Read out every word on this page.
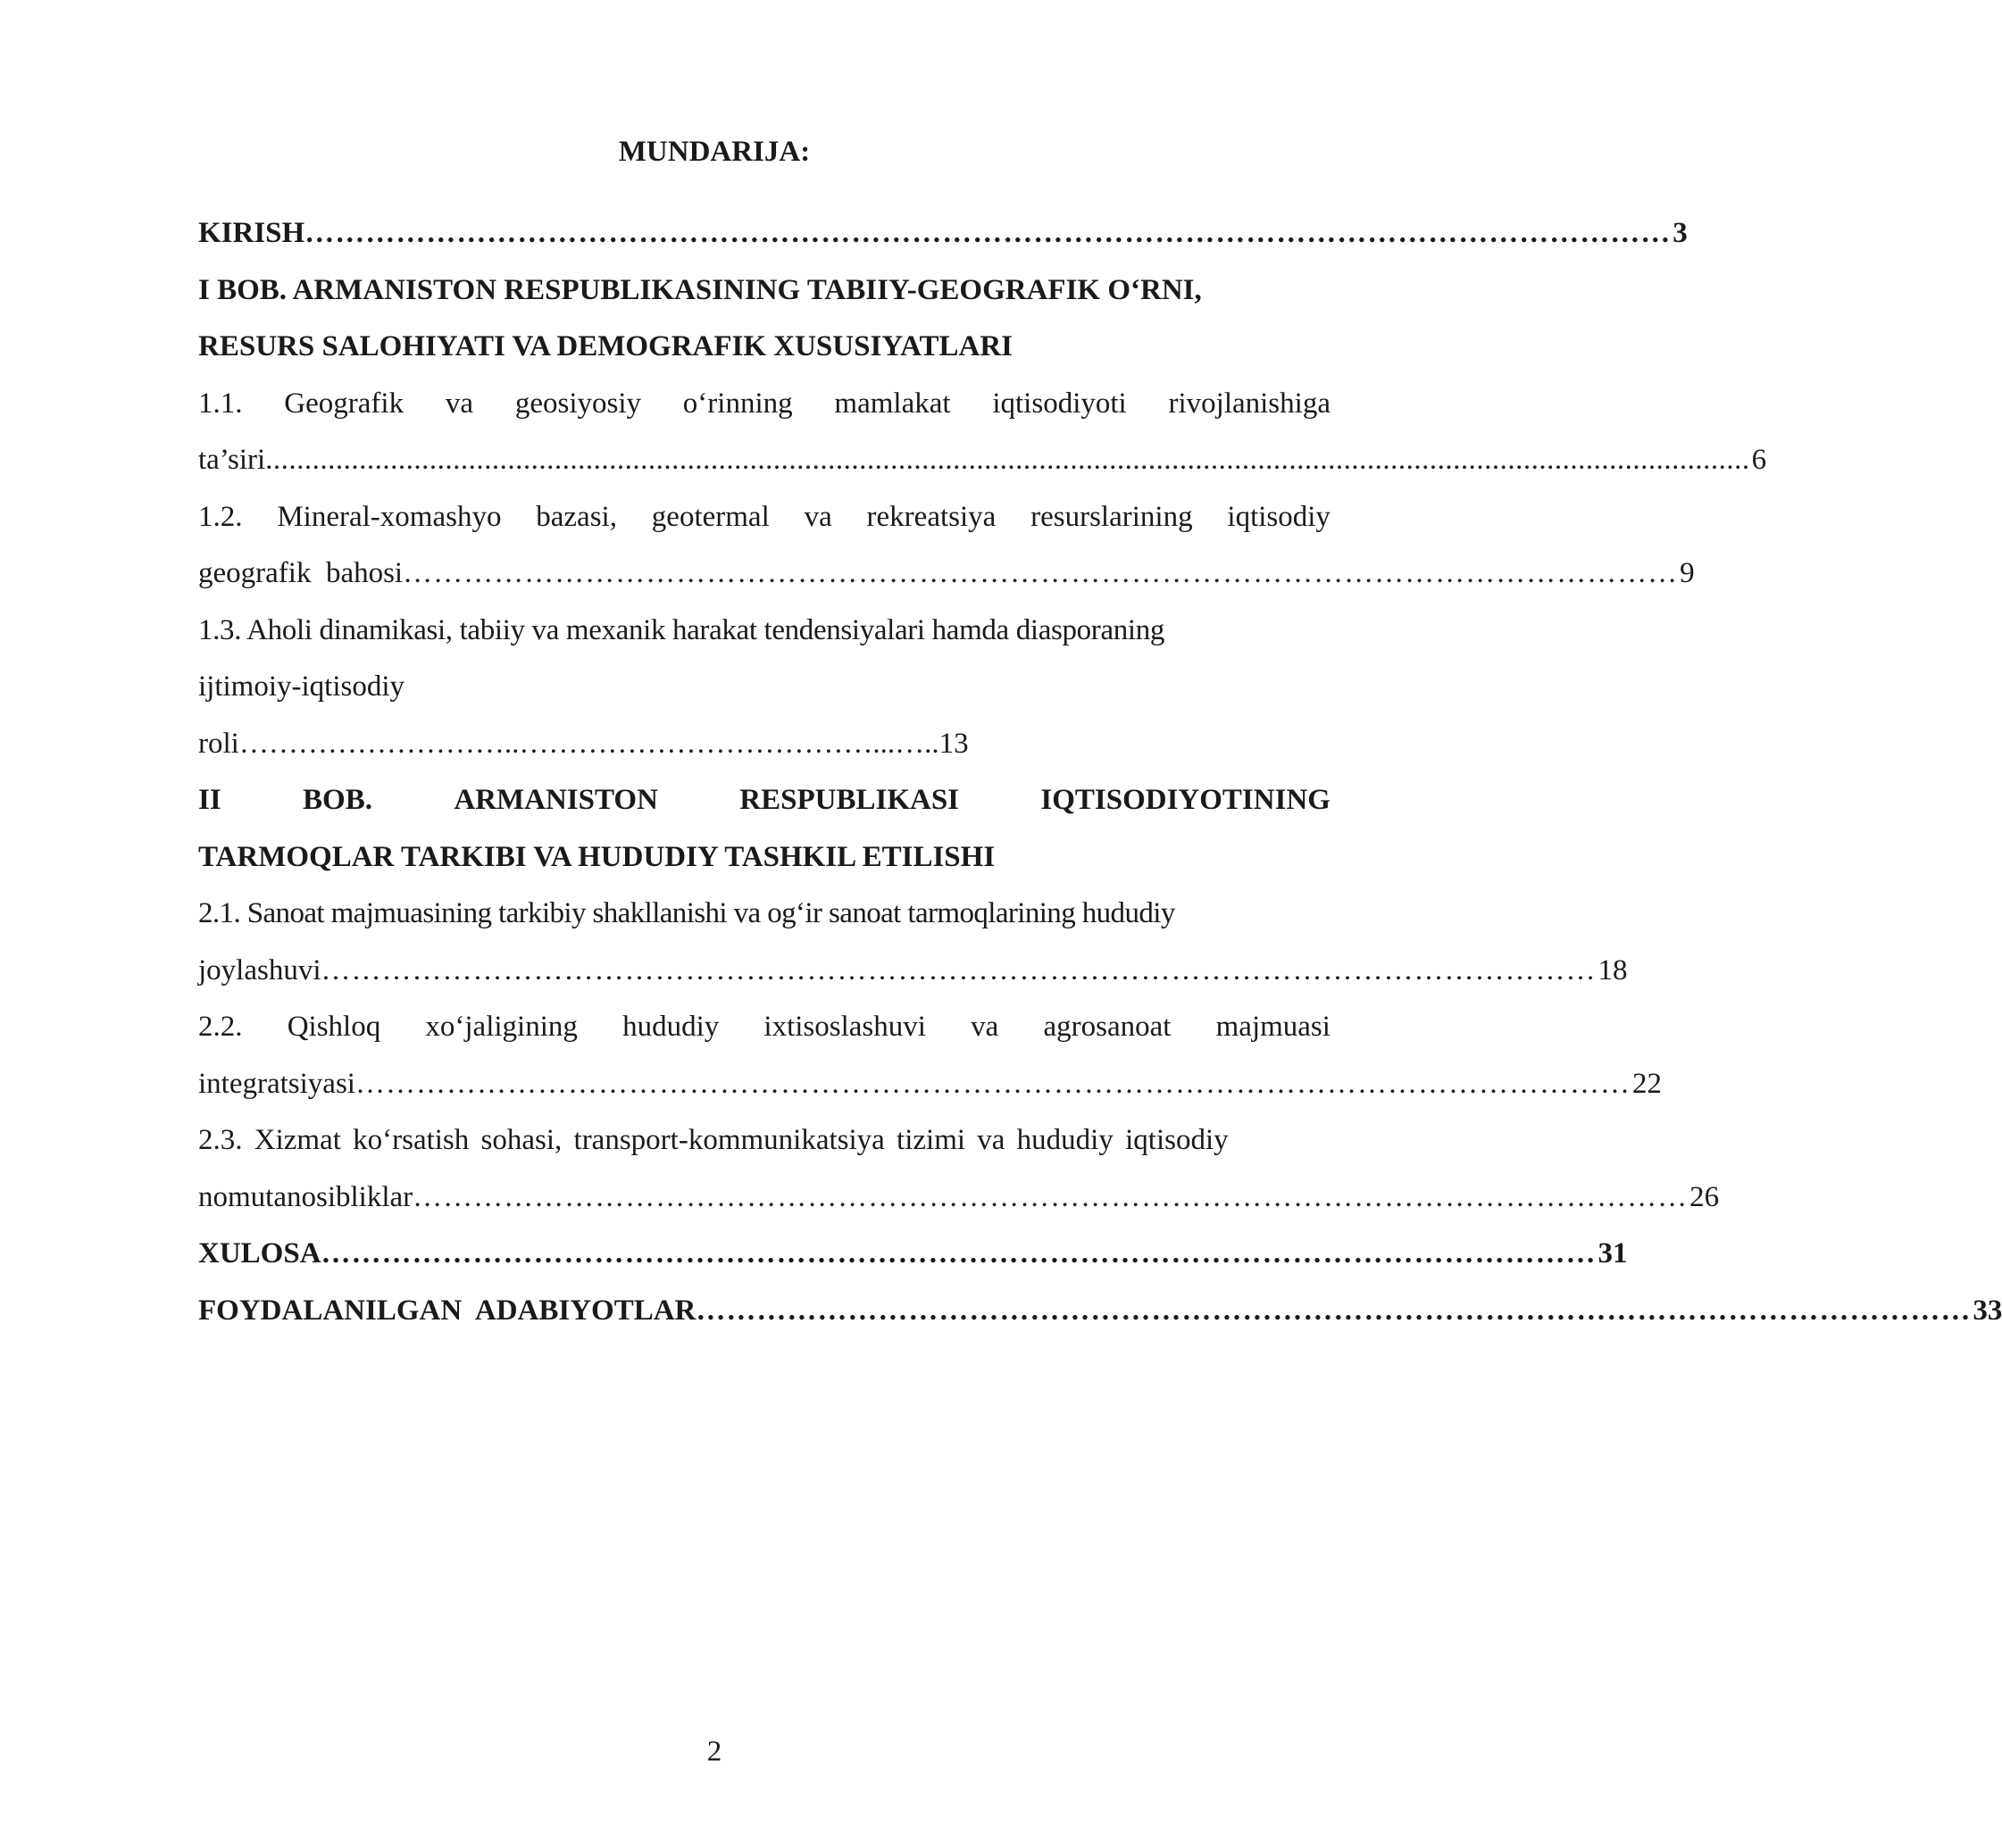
MUNDARIJA:
KIRISH ……………………………………………………………………………………………………………………… 3
I BOB. ARMANISTON RESPUBLIKASINING TABIIY-GEOGRAFIK O‘RNI,
RESURS SALOHIYATI VA DEMOGRAFIK XUSUSIYATLARI
1.1. Geografik va geosiyosiy o‘rinning mamlakat iqtisodiyoti rivojlanishiga
ta’siri .............................................................................................................................................................................................. 6
1.2. Mineral-xomashyo bazasi, geotermal va rekreatsiya resurslarining iqtisodiy
geografik  bahosi ……………………………………………………………………………………………………………… 9
1.3. Aholi dinamikasi, tabiiy va mexanik harakat tendensiyalari hamda diasporaning
ijtimoiy-iqtisodiy
roli………………………..………………………………...…..13
II	BOB.	ARMANISTON	RESPUBLIKASI	IQTISODIYOTINING
TARMOQLAR TARKIBI VA HUDUDIY TASHKIL ETILISHI
2.1. Sanoat majmuasining tarkibiy shakllanishi va og‘ir sanoat tarmoqlarining hududiy
joylashuvi ……………………………………………………………………………………………………………… 18
2.2. Qishloq xo‘jaligining hududiy ixtisoslashuvi va agrosanoat majmuasi
integratsiyasi ……………………………………………………………………………………………………………… 22
2.3. Xizmat ko‘rsatish sohasi, transport-kommunikatsiya tizimi va hududiy iqtisodiy
nomutanosibliklar ……………………………………………………………………………………………………………… 26
XULOSA ……………………………………………………………………………………………………………… 31
FOYDALANILGAN  ADABIYOTLAR ……………………………………………………………………………………………………………… 33
2
